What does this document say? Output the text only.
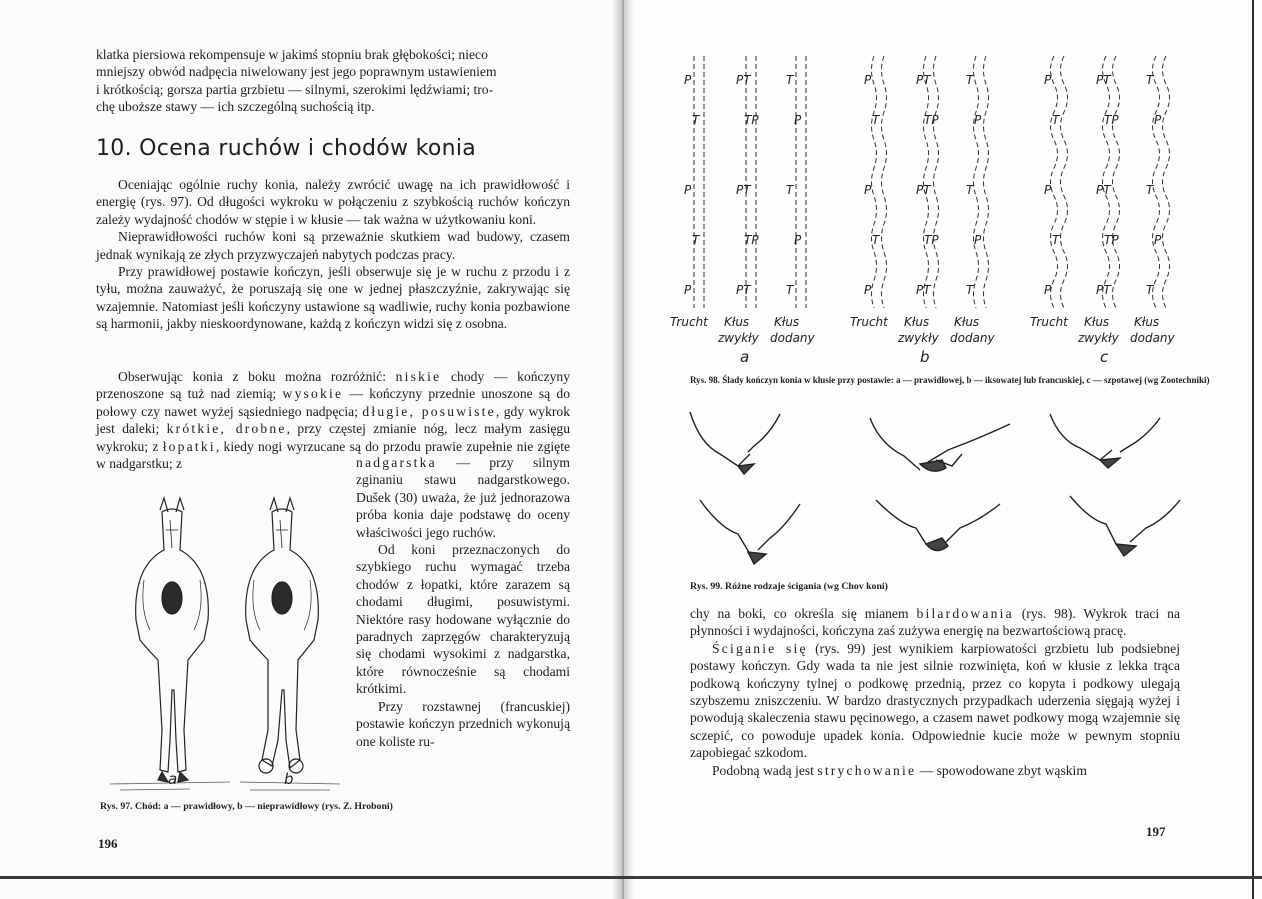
klatka piersiowa rekompensuje w jakimś stopniu brak głębokości; nieco
mniejszy obwód nadpęcia niwelowany jest jego poprawnym ustawieniem
i krótkością; gorsza partia grzbietu — silnymi, szerokimi lędźwiami; tro-
chę uboższe stawy — ich szczególną suchością itp.
10. Ocena ruchów i chodów konia

Oceniając ogólnie ruchy konia, należy zwrócić uwagę na ich prawidłowość i energię (rys. 97). Od długości wykroku w połączeniu z szybkością ruchów kończyn zależy wydajność chodów w stępie i w kłusie — tak ważna w użytkowaniu koni.

Nieprawidłowości ruchów koni są przeważnie skutkiem wad budowy, czasem jednak wynikają ze złych przyzwyczajeń nabytych podczas pracy.

Przy prawidłowej postawie kończyn, jeśli obserwuje się je w ruchu z przodu i z tyłu, można zauważyć, że poruszają się one w jednej płaszczyźnie, zakrywając się wzajemnie. Natomiast jeśli kończyny ustawione są wadliwie, ruchy konia pozbawione są harmonii, jakby nieskoordynowane, każdą z kończyn widzi się z osobna.

Obserwując konia z boku można rozróżnić: niskie chody — kończyny przenoszone są tuż nad ziemią; wysokie — kończyny przednie unoszone są do połowy czy nawet wyżej sąsiedniego nadpęcia; długie, posuwiste, gdy wykrok jest daleki; krótkie, drobne, przy częstej zmianie nóg, lecz małym zasięgu wykroku; z łopatki, kiedy nogi wyrzucane są do przodu prawie zupełnie nie zgięte w nadgarstku; z	nadgarstka — przy silnym zginaniu stawu nadgarstkowego. Dušek (30) uważa, że już jednorazowa próba konia daje podstawę do oceny właściwości jego ruchów.

Od koni przeznaczonych do szybkiego ruchu wymagać trzeba chodów z łopatki, które zarazem są chodami długimi, posuwistymi. Niektóre rasy hodowane wyłącznie do paradnych zaprzęgów charakteryzują się chodami wysokimi z nadgarstka, które równocześnie są chodami krótkimi.

Przy rozstawnej (francuskiej) postawie kończyn przednich wykonują one koliste ru-

a	b
Rys. 97. Chód: a — prawidłowy, b — nieprawidłowy (rys. Z. Hroboni)
196
P
T
P
T
P
PT
TP
PT
TP
PT
T
P
T
P
T
Trucht Kłus Kłus
zwykły dodany
a
P
T
P
T
P
PT
TP
PT
TP
PT
T
P
T
P
T
Trucht Kłus Kłus
zwykły dodany
b
P
T
P
T
P
PT
TP
PT
TP
PT
T
P
T
P
T
Trucht Kłus Kłus
zwykły dodany
c
Rys. 98. Ślady kończyn konia w kłusie przy postawie: a — prawidłowej, b — iksowatej lub francuskiej, c — szpotawej (wg Zootechniki)
Rys. 99. Różne rodzaje ścigania (wg Chov koni)

chy na boki, co określa się mianem bilardowania (rys. 98). Wykrok traci na płynności i wydajności, kończyna zaś zużywa energię na bezwartościową pracę.

Ściganie się (rys. 99) jest wynikiem karpiowatości grzbietu lub podsiebnej postawy kończyn. Gdy wada ta nie jest silnie rozwinięta, koń w kłusie z lekka trąca podkową kończyny tylnej o podkowę przednią, przez co kopyta i podkowy ulegają szybszemu zniszczeniu. W bardzo drastycznych przypadkach uderzenia sięgają wyżej i powodują skaleczenia stawu pęcinowego, a czasem nawet podkowy mogą wzajemnie się sczepić, co powoduje upadek konia. Odpowiednie kucie może w pewnym stopniu zapobiegać szkodom.

Podobną wadą jest strychowanie — spowodowane zbyt wąskim

197
